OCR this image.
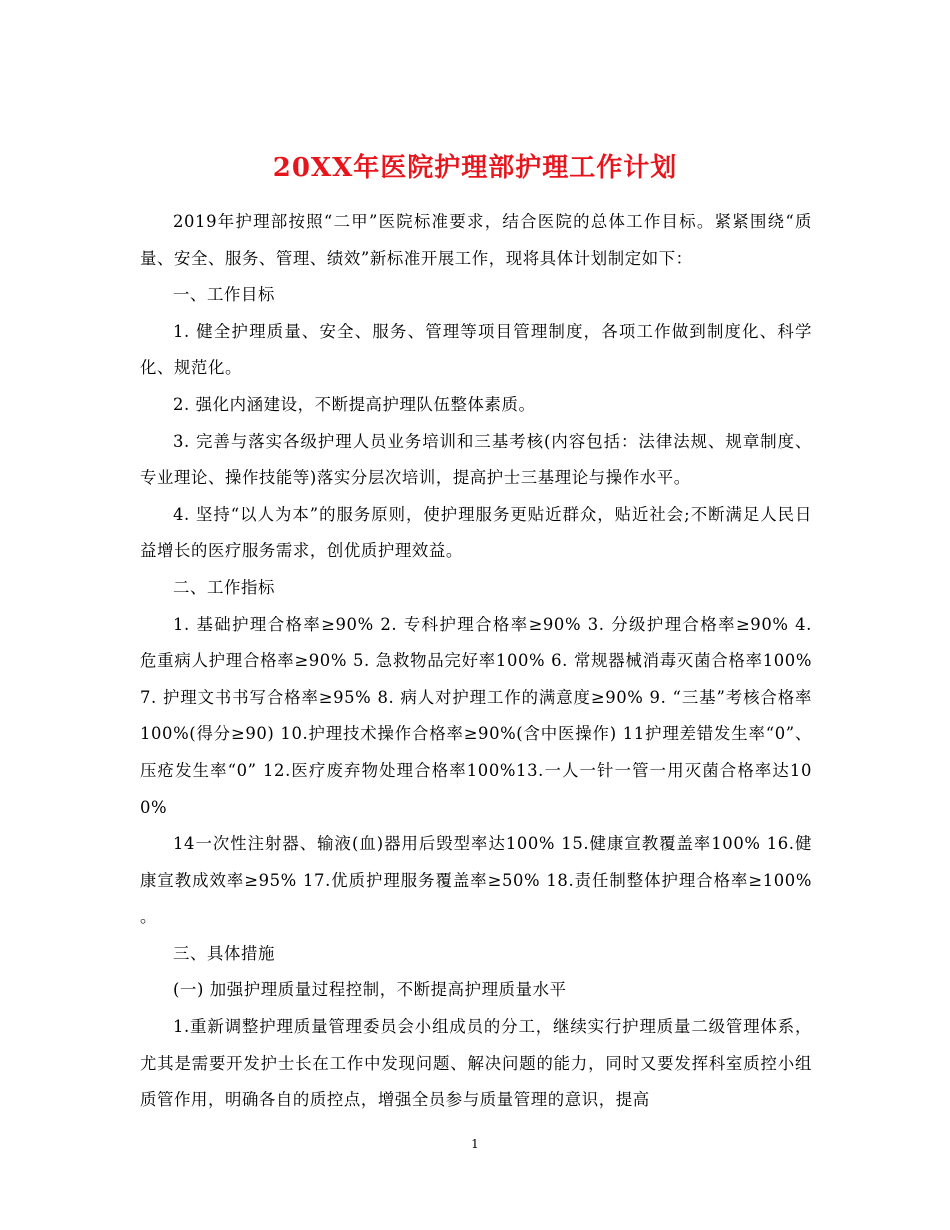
20XX年医院护理部护理工作计划

2019年护理部按照“二甲”医院标准要求，结合医院的总体工作目标。紧紧围绕“质量、安全、服务、管理、绩效”新标准开展工作，现将具体计划制定如下：

一、工作目标

1. 健全护理质量、安全、服务、管理等项目管理制度，各项工作做到制度化、科学化、规范化。

2. 强化内涵建设，不断提高护理队伍整体素质。

3. 完善与落实各级护理人员业务培训和三基考核(内容包括：法律法规、规章制度、专业理论、操作技能等)落实分层次培训，提高护士三基理论与操作水平。

4. 坚持“以人为本”的服务原则，使护理服务更贴近群众，贴近社会;不断满足人民日益增长的医疗服务需求，创优质护理效益。

二、工作指标

1. 基础护理合格率≥90% 2. 专科护理合格率≥90% 3. 分级护理合格率≥90% 4. 危重病人护理合格率≥90% 5. 急救物品完好率100% 6. 常规器械消毒灭菌合格率100% 7. 护理文书书写合格率≥95% 8. 病人对护理工作的满意度≥90% 9. “三基”考核合格率100%(得分≥90) 10.护理技术操作合格率≥90%(含中医操作) 11护理差错发生率“0”、压疮发生率“0” 12.医疗废弃物处理合格率100%13.一人一针一管一用灭菌合格率达100%

14一次性注射器、输液(血)器用后毁型率达100% 15.健康宣教覆盖率100% 16.健康宣教成效率≥95% 17.优质护理服务覆盖率≥50% 18.责任制整体护理合格率≥100% 。

三、具体措施

(一) 加强护理质量过程控制，不断提高护理质量水平

1.重新调整护理质量管理委员会小组成员的分工，继续实行护理质量二级管理体系，尤其是需要开发护士长在工作中发现问题、解决问题的能力，同时又要发挥科室质控小组质管作用，明确各自的质控点，增强全员参与质量管理的意识，提高

1
